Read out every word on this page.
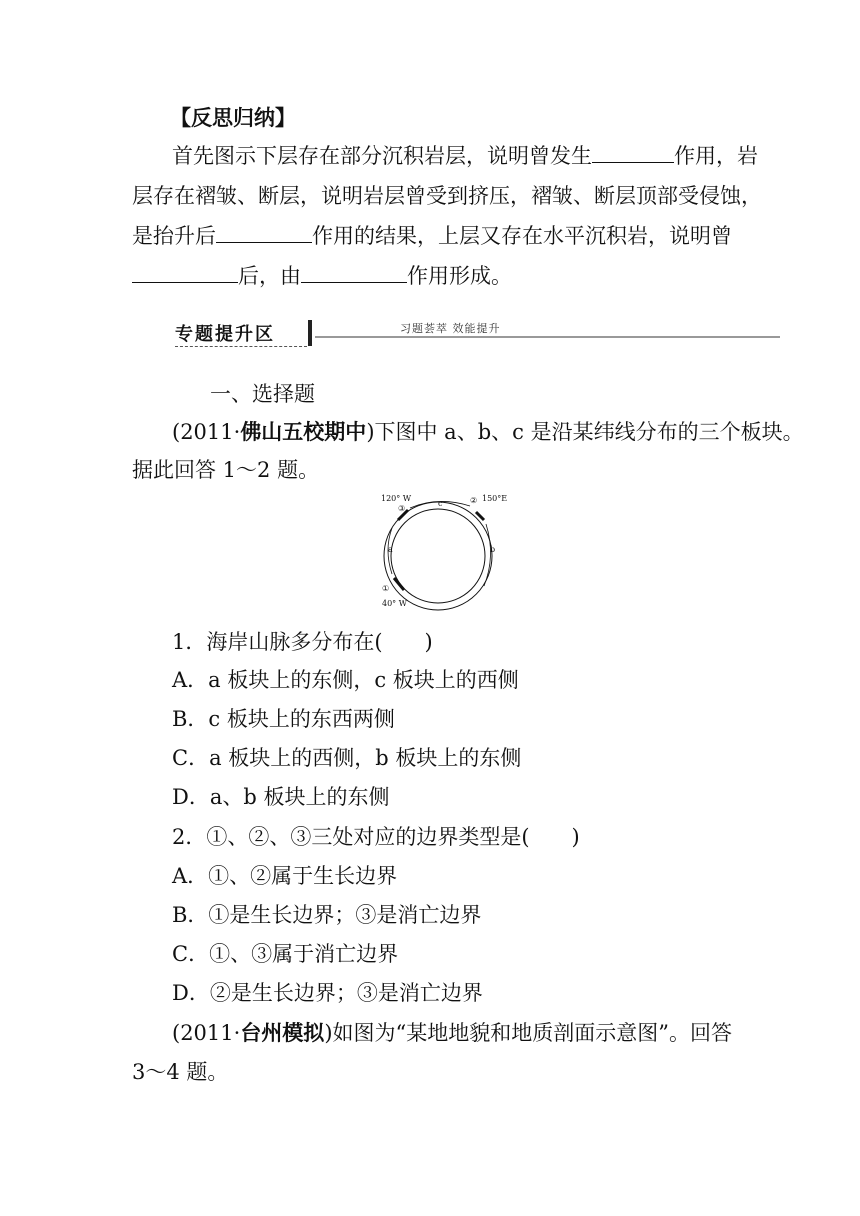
【反思归纳】
首先图示下层存在部分沉积岩层，说明曾发生	作用，岩
层存在褶皱、断层，说明岩层曾受到挤压，褶皱、断层顶部受侵蚀，
是抬升后	作用的结果，上层又存在水平沉积岩，说明曾
后，由	作用形成。
专题提升区	习题荟萃 效能提升
一、选择题
(2011·佛山五校期中)下图中 a、b、c 是沿某纬线分布的三个板块。
据此回答 1～2 题。
120° W
③
c	② 150°E
a	b
①
40° W
1．海岸山脉多分布在(　　)
A．a 板块上的东侧，c 板块上的西侧
B．c 板块上的东西两侧
C．a 板块上的西侧，b 板块上的东侧
D．a、b 板块上的东侧
2．①、②、③三处对应的边界类型是(　　)
A．①、②属于生长边界
B．①是生长边界；③是消亡边界
C．①、③属于消亡边界
D．②是生长边界；③是消亡边界
(2011·台州模拟)如图为“某地地貌和地质剖面示意图”。回答
3～4 题。
